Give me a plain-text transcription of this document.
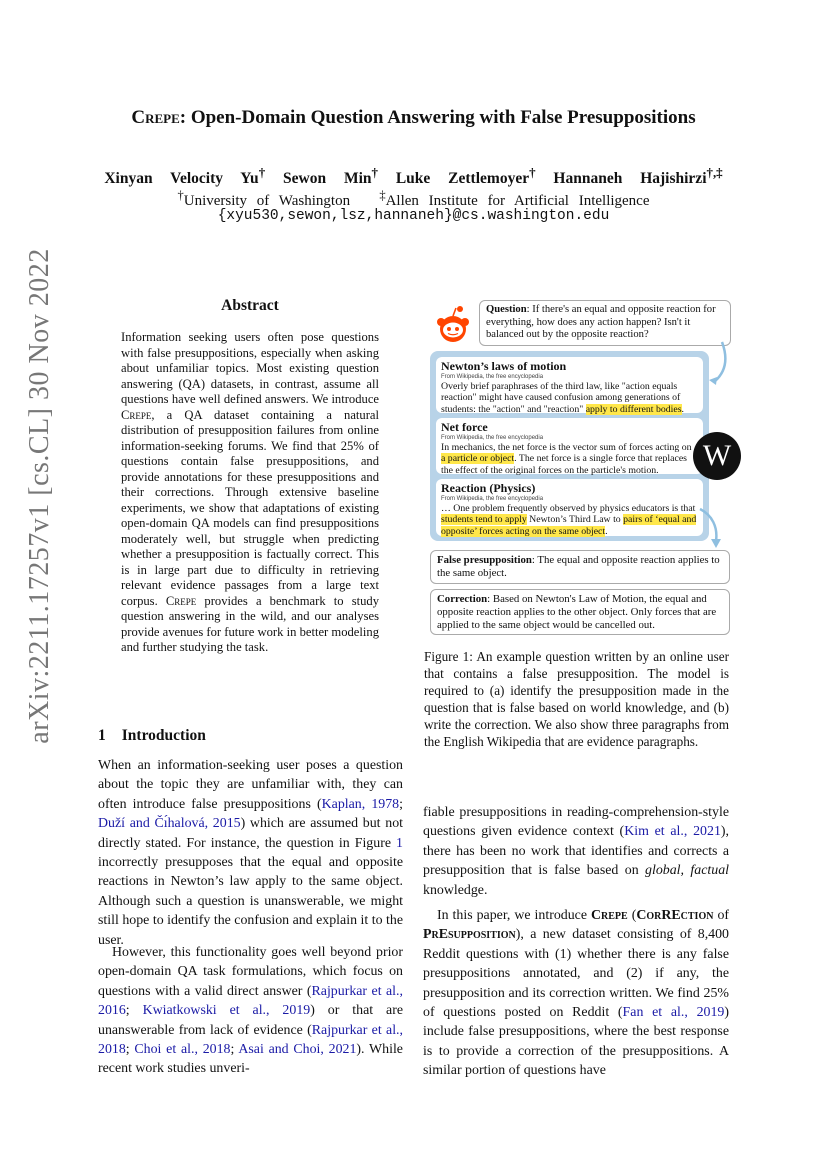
arXiv:2211.17257v1 [cs.CL] 30 Nov 2022
Crepe: Open-Domain Question Answering with False Presuppositions
Xinyan Velocity Yu† Sewon Min† Luke Zettlemoyer† Hannaneh Hajishirzi†,‡
†University of Washington ‡Allen Institute for Artificial Intelligence
{xyu530,sewon,lsz,hannaneh}@cs.washington.edu
Abstract
Information seeking users often pose questions with false presuppositions, especially when asking about unfamiliar topics. Most existing question answering (QA) datasets, in contrast, assume all questions have well defined answers. We introduce Crepe, a QA dataset containing a natural distribution of presupposition failures from online information-seeking forums. We find that 25% of questions contain false presuppositions, and provide annotations for these presuppositions and their corrections. Through extensive baseline experiments, we show that adaptations of existing open-domain QA models can find presuppositions moderately well, but struggle when predicting whether a presupposition is factually correct. This is in large part due to difficulty in retrieving relevant evidence passages from a large text corpus. Crepe provides a benchmark to study question answering in the wild, and our analyses provide avenues for future work in better modeling and further studying the task.
1 Introduction
When an information-seeking user poses a question about the topic they are unfamiliar with, they can often introduce false presuppositions (Kaplan, 1978; Duží and Čı́halová, 2015) which are assumed but not directly stated. For instance, the question in Figure 1 incorrectly presupposes that the equal and opposite reactions in Newton’s law apply to the same object. Although such a question is unanswerable, we might still hope to identify the confusion and explain it to the user.
However, this functionality goes well beyond prior open-domain QA task formulations, which focus on questions with a valid direct answer (Rajpurkar et al., 2016; Kwiatkowski et al., 2019) or that are unanswerable from lack of evidence (Rajpurkar et al., 2018; Choi et al., 2018; Asai and Choi, 2021). While recent work studies unveri-
fiable presuppositions in reading-comprehension-style questions given evidence context (Kim et al., 2021), there has been no work that identifies and corrects a presupposition that is false based on global, factual knowledge.
In this paper, we introduce Crepe (CorREction of PrEsupposition), a new dataset consisting of 8,400 Reddit questions with (1) whether there is any false presuppositions annotated, and (2) if any, the presupposition and its correction written. We find 25% of questions posted on Reddit (Fan et al., 2019) include false presuppositions, where the best response is to provide a correction of the presuppositions. A similar portion of questions have
Question: If there's an equal and opposite reaction for everything, how does any action happen? Isn't it balanced out by the opposite reaction?
Newton’s laws of motion
From Wikipedia, the free encyclopedia
Overly brief paraphrases of the third law, like "action equals reaction" might have caused confusion among generations of students: the "action" and "reaction" apply to different bodies.
Net force
From Wikipedia, the free encyclopedia
In mechanics, the net force is the vector sum of forces acting on a particle or object. The net force is a single force that replaces the effect of the original forces on the particle's motion.
Reaction (Physics)
From Wikipedia, the free encyclopedia
… One problem frequently observed by physics educators is that students tend to apply Newton’s Third Law to pairs of ‘equal and opposite’ forces acting on the same object.
W
False presupposition: The equal and opposite reaction applies to the same object.
Correction: Based on Newton's Law of Motion, the equal and opposite reaction applies to the other object. Only forces that are applied to the same object would be cancelled out.
Figure 1: An example question written by an online user that contains a false presupposition. The model is required to (a) identify the presupposition made in the question that is false based on world knowledge, and (b) write the correction. We also show three paragraphs from the English Wikipedia that are evidence paragraphs.
